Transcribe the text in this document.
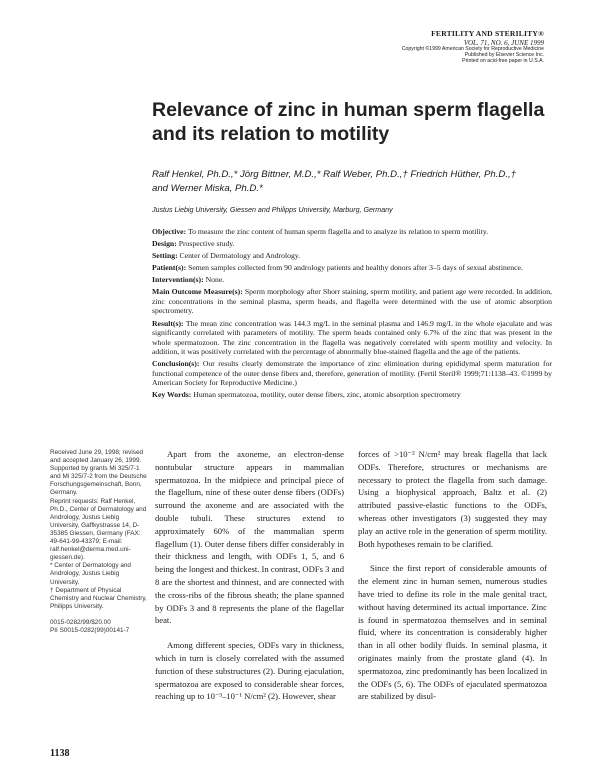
FERTILITY AND STERILITY®
VOL. 71, NO. 6, JUNE 1999
Copyright ©1999 American Society for Reproductive Medicine
Published by Elsevier Science Inc.
Printed on acid-free paper in U.S.A.
Relevance of zinc in human sperm flagella
and its relation to motility
Ralf Henkel, Ph.D.,* Jörg Bittner, M.D.,* Ralf Weber, Ph.D.,† Friedrich Hüther, Ph.D.,†
and Werner Miska, Ph.D.*
Justus Liebig University, Giessen and Philipps University, Marburg, Germany

Objective: To measure the zinc content of human sperm flagella and to analyze its relation to sperm motility.

Design: Prospective study.

Setting: Center of Dermatology and Andrology.

Patient(s): Semen samples collected from 90 andrology patients and healthy donors after 3–5 days of sexual abstinence.

Intervention(s): None.

Main Outcome Measure(s): Sperm morphology after Shorr staining, sperm motility, and patient age were recorded. In addition, zinc concentrations in the seminal plasma, sperm heads, and flagella were determined with the use of atomic absorption spectrometry.

Result(s): The mean zinc concentration was 144.3 mg/L in the seminal plasma and 146.9 mg/L in the whole ejaculate and was significantly correlated with parameters of motility. The sperm heads contained only 6.7% of the zinc that was present in the whole spermatozoon. The zinc concentration in the flagella was negatively correlated with sperm motility and velocity. In addition, it was positively correlated with the percentage of abnormally blue-stained flagella and the age of the patients.

Conclusion(s): Our results clearly demonstrate the importance of zinc elimination during epididymal sperm maturation for functional competence of the outer dense fibers and, therefore, generation of motility. (Fertil Steril® 1999;71:1138–43. ©1999 by American Society for Reproductive Medicine.)

Key Words: Human spermatozoa, motility, outer dense fibers, zinc, atomic absorption spectrometry

Received June 29, 1998; revised and accepted January 26, 1999.

Supported by grants Mi 325/7-1 and Mi 325/7-2 from the Deutsche Forschungsgemeinschaft, Bonn, Germany.

Reprint requests: Ralf Henkel, Ph.D., Center of Dermatology and Andrology, Justus Liebig University, Gaffkystrasse 14, D-35385 Giessen, Germany (FAX: 49-641-99-43379; E-mail: ralf.henkel@derma.med.uni-giessen.de).

* Center of Dermatology and Andrology, Justus Liebig University.

† Department of Physical Chemistry and Nuclear Chemistry, Philipps University.

0015-0282/99/$20.00

PII S0015-0282(99)00141-7

Apart from the axoneme, an electron-dense nontubular structure appears in mammalian spermatozoa. In the midpiece and principal piece of the flagellum, nine of these outer dense fibers (ODFs) surround the axoneme and are associated with the double tubuli. These structures extend to approximately 60% of the mammalian sperm flagellum (1). Outer dense fibers differ considerably in their thickness and length, with ODFs 1, 5, and 6 being the longest and thickest. In contrast, ODFs 3 and 8 are the shortest and thinnest, and are connected with the cross-ribs of the fibrous sheath; the plane spanned by ODFs 3 and 8 represents the plane of the flagellar beat.

Among different species, ODFs vary in thickness, which in turn is closely correlated with the assumed function of these substructures (2). During ejaculation, spermatozoa are exposed to considerable shear forces, reaching up to 10⁻³–10⁻¹ N/cm² (2). However, shear

forces of >10⁻² N/cm² may break flagella that lack ODFs. Therefore, structures or mechanisms are necessary to protect the flagella from such damage. Using a biophysical approach, Baltz et al. (2) attributed passive-elastic functions to the ODFs, whereas other investigators (3) suggested they may play an active role in the generation of sperm motility. Both hypotheses remain to be clarified.

Since the first report of considerable amounts of the element zinc in human semen, numerous studies have tried to define its role in the male genital tract, without having determined its actual importance. Zinc is found in spermatozoa themselves and in seminal fluid, where its concentration is considerably higher than in all other bodily fluids. In seminal plasma, it originates mainly from the prostate gland (4). In spermatozoa, zinc predominantly has been localized in the ODFs (5, 6). The ODFs of ejaculated spermatozoa are stabilized by disul-

1138
